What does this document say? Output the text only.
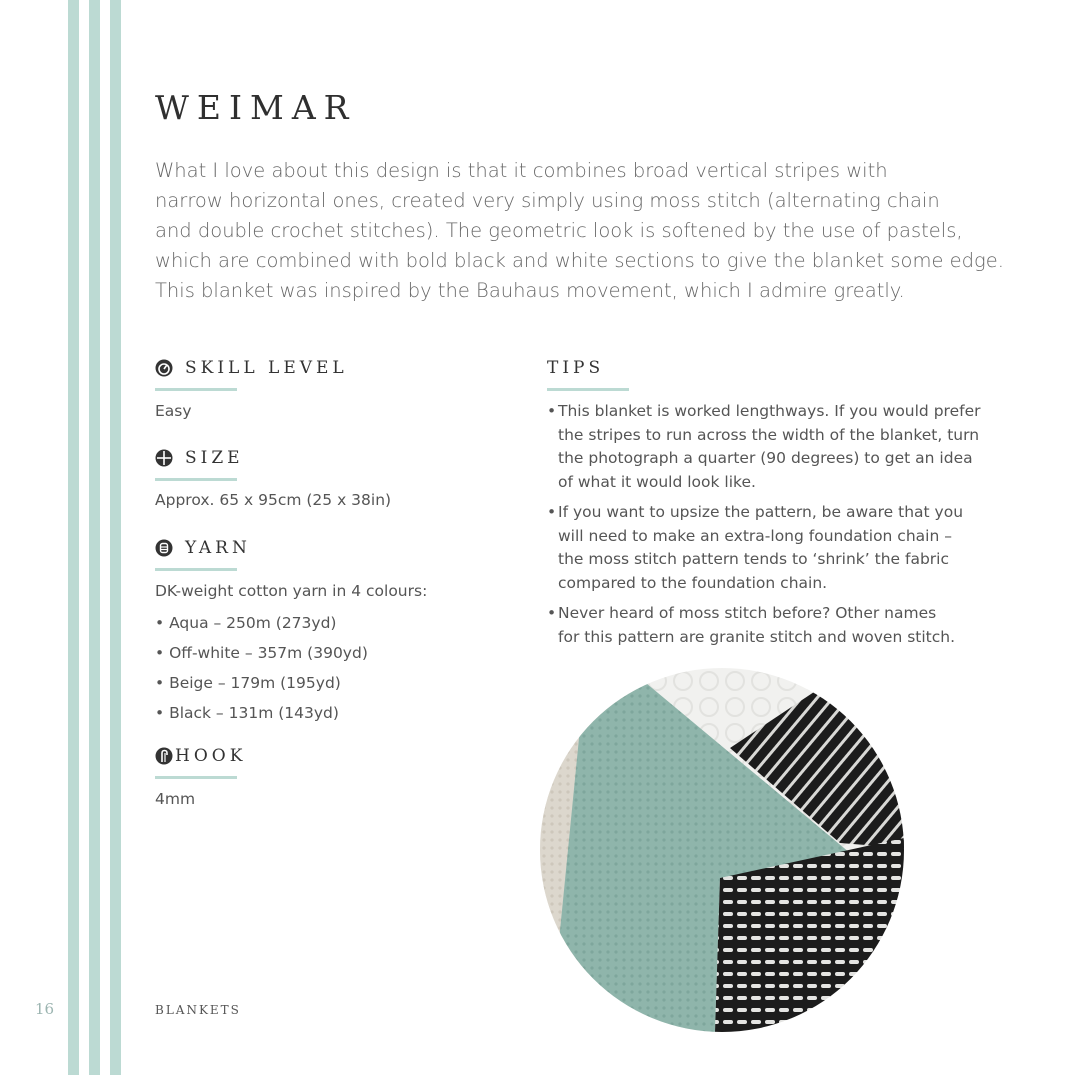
WEIMAR

What I love about this design is that it combines broad vertical stripes with
narrow horizontal ones, created very simply using moss stitch (alternating chain
and double crochet stitches). The geometric look is softened by the use of pastels,
which are combined with bold black and white sections to give the blanket some edge.
This blanket was inspired by the Bauhaus movement, which I admire greatly.

SKILL LEVEL

Easy

SIZE

Approx. 65 x 95cm (25 x 38in)

YARN

DK-weight cotton yarn in 4 colours:

• Aqua – 250m (273yd)
• Off-white – 357m (390yd)
• Beige – 179m (195yd)
• Black – 131m (143yd)
HOOK

4mm

TIPS
• This blanket is worked lengthways. If you would prefer
the stripes to run across the width of the blanket, turn
the photograph a quarter (90 degrees) to get an idea
of what it would look like.
• If you want to upsize the pattern, be aware that you
will need to make an extra-long foundation chain –
the moss stitch pattern tends to ‘shrink’ the fabric
compared to the foundation chain.
• Never heard of moss stitch before? Other names
for this pattern are granite stitch and woven stitch.
16	BLANKETS
